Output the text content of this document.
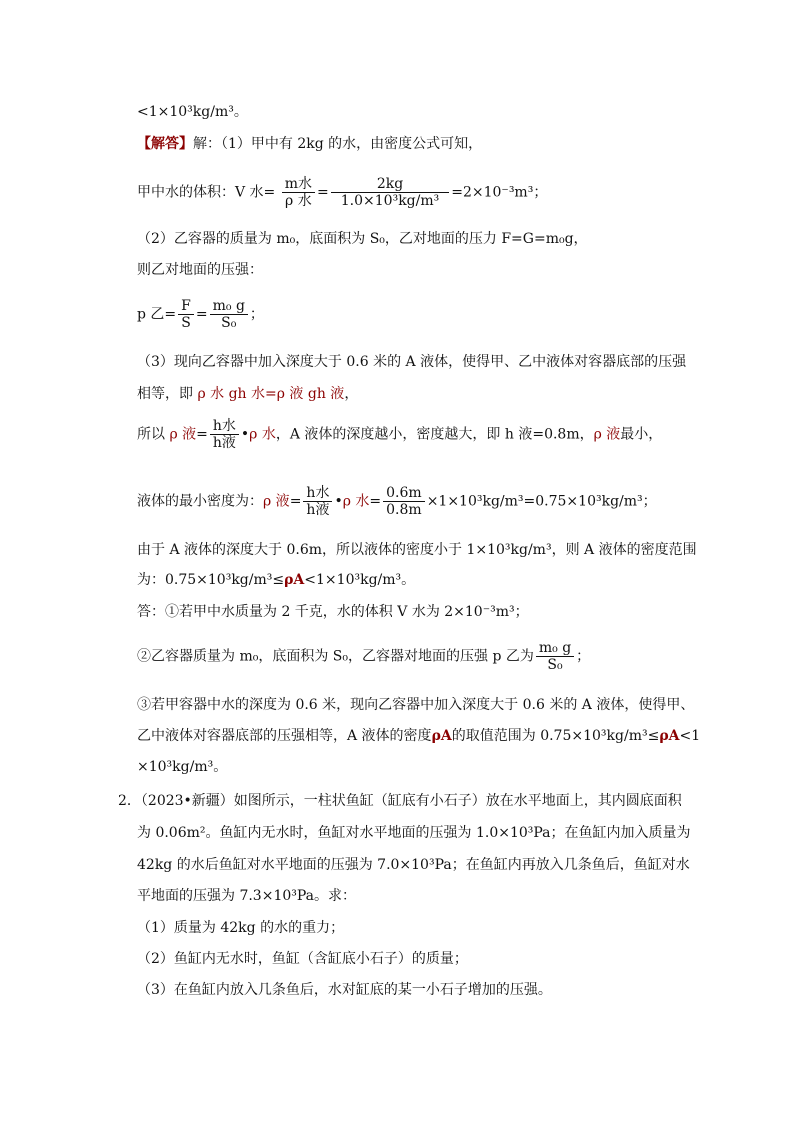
<1×10³kg/m³。
【解答】解：（1）甲中有 2kg 的水，由密度公式可知，
甲中水的体积：V 水= $\frac{\text{m水}}{\text{ρ 水}} = \frac{2kg}{\text{1.0×10³kg/m³}} =2\times 10^{-3}m^3$；
（2）乙容器的质量为 m₀，底面积为 S₀，乙对地面的压力 F=G=m₀g，
则乙对地面的压强：
p 乙= $\frac{F}{S} = \frac{\text{m₀ g}}{\text{S₀}}$ ；
（3）现向乙容器中加入深度大于 0.6 米的 A 液体，使得甲、乙中液体对容器底部的压强
相等，即 ρ 水 gh 水=ρ 液 gh 液，
所以 ρ 液= $\frac{\text{h水}}{\text{h液}}$ •ρ 水，A 液体的深度越小，密度越大，即 h 液=0.8m，ρ 液最小，
液体的最小密度为：ρ 液= $\frac{\text{h水}}{\text{h液}}$ •ρ 水= $\frac{0.6m}{0.8m} \times 1\times 10^3kg/m^3=0.75\times 10^3kg/m^3$；
由于 A 液体的深度大于 0.6m，所以液体的密度小于 1×10³kg/m³，则 A 液体的密度范围
为：0.75×10³kg/m³≤ρA<1×10³kg/m³。
答：①若甲中水质量为 2 千克，水的体积 V 水为 2×10⁻³m³；
②乙容器质量为 m₀，底面积为 S₀，乙容器对地面的压强 p 乙为 $\frac{\text{m₀ g}}{\text{S₀}}$ ；
③若甲容器中水的深度为 0.6 米，现向乙容器中加入深度大于 0.6 米的 A 液体，使得甲、
乙中液体对容器底部的压强相等，A 液体的密度ρA的取值范围为 0.75×10³kg/m³≤ρA<1
×10³kg/m³。
2．（2023•新疆）如图所示，一柱状鱼缸（缸底有小石子）放在水平地面上，其内圆底面积
为 0.06m²。鱼缸内无水时，鱼缸对水平地面的压强为 1.0×10³Pa；在鱼缸内加入质量为
42kg 的水后鱼缸对水平地面的压强为 7.0×10³Pa；在鱼缸内再放入几条鱼后，鱼缸对水
平地面的压强为 7.3×10³Pa。求：
（1）质量为 42kg 的水的重力；
（2）鱼缸内无水时，鱼缸（含缸底小石子）的质量；
（3）在鱼缸内放入几条鱼后，水对缸底的某一小石子增加的压强。
